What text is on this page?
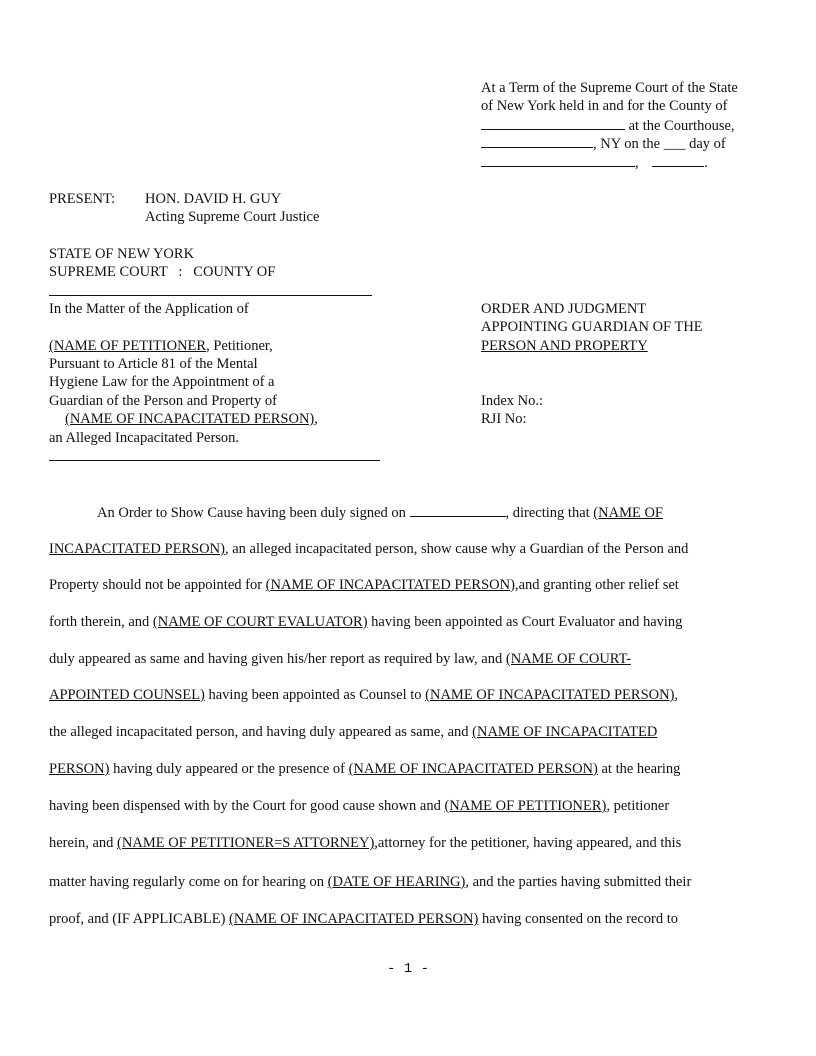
At a Term of the Supreme Court of the State
of New York held in and for the County of
at the Courthouse,
, NY on the ___ day of
,	.
PRESENT: HON. DAVID H. GUY
Acting Supreme Court Justice
STATE OF NEW YORK
SUPREME COURT   :   COUNTY OF
In the Matter of the Application of
(NAME OF PETITIONER, Petitioner,
Pursuant to Article 81 of the Mental
Hygiene Law for the Appointment of a
Guardian of the Person and Property of
(NAME OF INCAPACITATED PERSON),
an Alleged Incapacitated Person.
ORDER AND JUDGMENT
APPOINTING GUARDIAN OF THE
PERSON AND PROPERTY
Index No.:
RJI No:
An Order to Show Cause having been duly signed on	, directing that (NAME OF
INCAPACITATED PERSON), an alleged incapacitated person, show cause why a Guardian of the Person and
Property should not be appointed for (NAME OF INCAPACITATED PERSON),and granting other relief set
forth therein, and (NAME OF COURT EVALUATOR) having been appointed as Court Evaluator and having
duly appeared as same and having given his/her report as required by law, and (NAME OF COURT-
APPOINTED COUNSEL) having been appointed as Counsel to (NAME OF INCAPACITATED PERSON),
the alleged incapacitated person, and having duly appeared as same, and (NAME OF INCAPACITATED
PERSON) having duly appeared or the presence of (NAME OF INCAPACITATED PERSON) at the hearing
having been dispensed with by the Court for good cause shown and (NAME OF PETITIONER), petitioner
herein, and (NAME OF PETITIONER=S ATTORNEY),attorney for the petitioner, having appeared, and this
matter having regularly come on for hearing on (DATE OF HEARING), and the parties having submitted their
proof, and (IF APPLICABLE) (NAME OF INCAPACITATED PERSON) having consented on the record to
- 1 -
